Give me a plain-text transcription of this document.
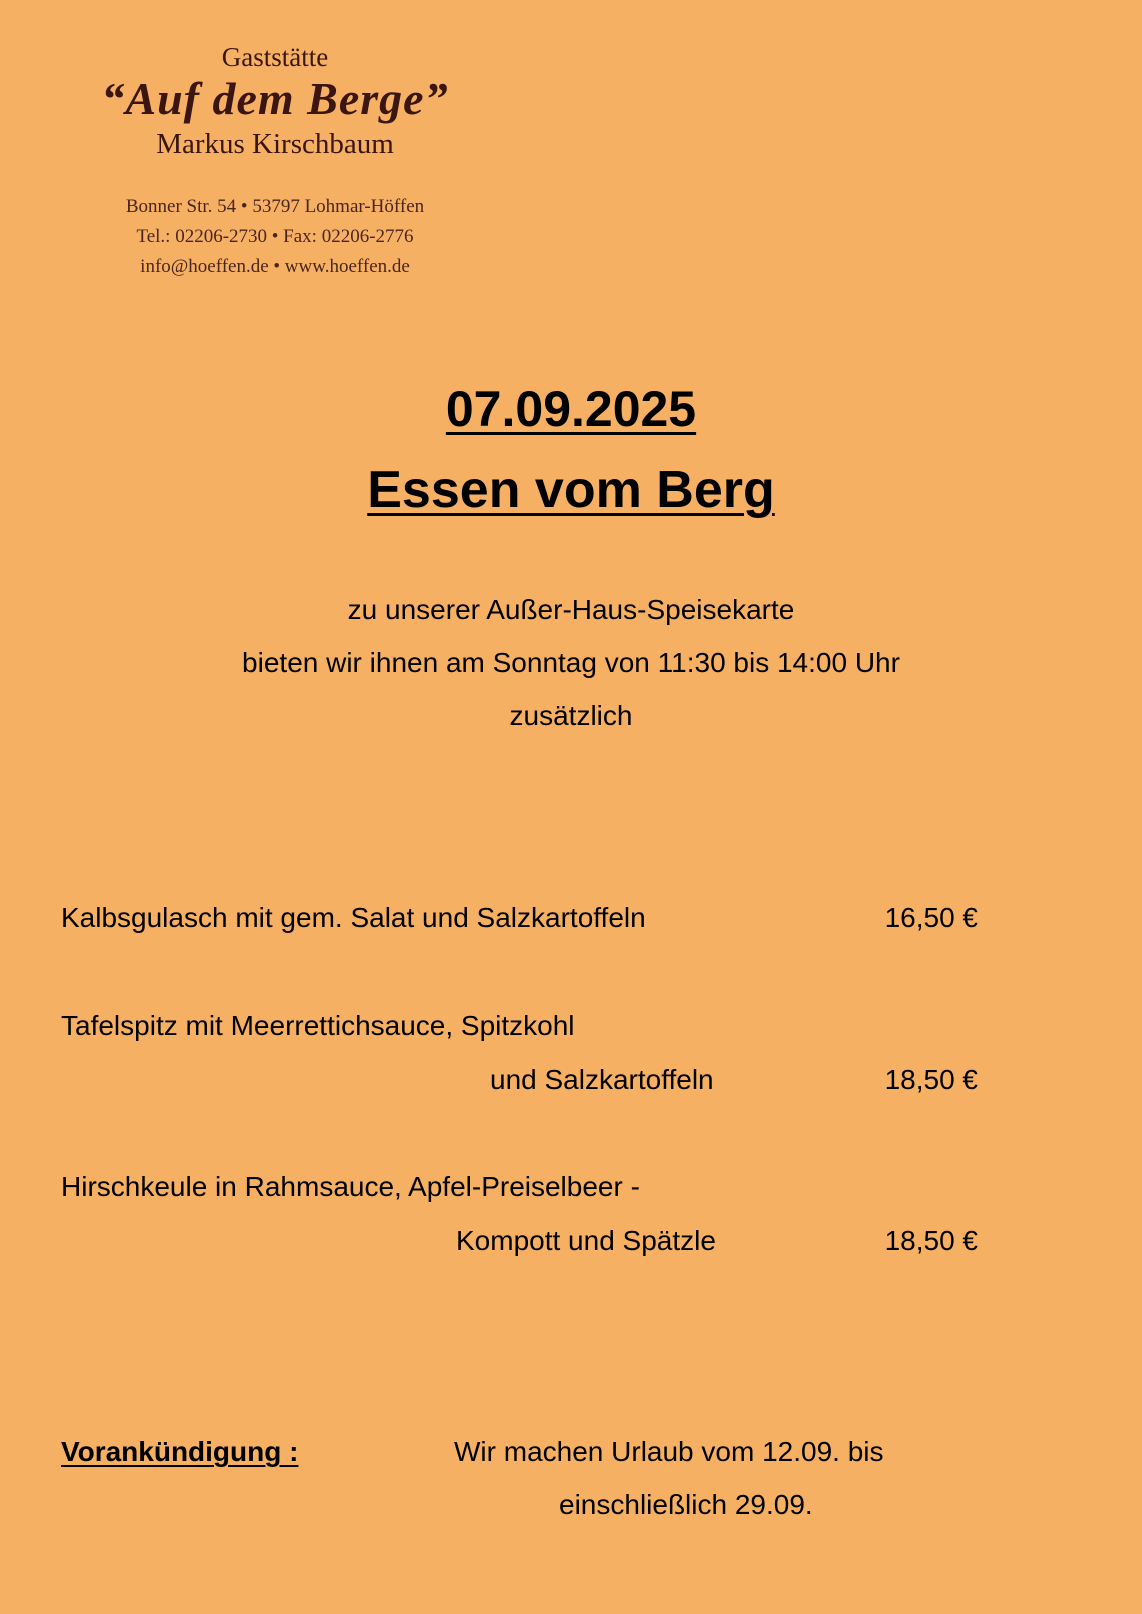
Gaststätte
“Auf dem Berge”
Markus Kirschbaum
Bonner Str. 54 • 53797 Lohmar-Höffen
Tel.: 02206-2730 • Fax: 02206-2776
info@hoeffen.de • www.hoeffen.de
07.09.2025
Essen vom Berg
zu unserer Außer-Haus-Speisekarte
bieten wir ihnen am Sonntag von 11:30 bis 14:00 Uhr
zusätzlich
Kalbsgulasch mit gem. Salat und Salzkartoffeln	16,50 €
Tafelspitz mit Meerrettichsauce, Spitzkohl
und Salzkartoffeln	18,50 €
Hirschkeule in Rahmsauce, Apfel-Preiselbeer -
Kompott und Spätzle	18,50 €
Vorankündigung :	Wir machen Urlaub vom 12.09. bis
einschließlich 29.09.
